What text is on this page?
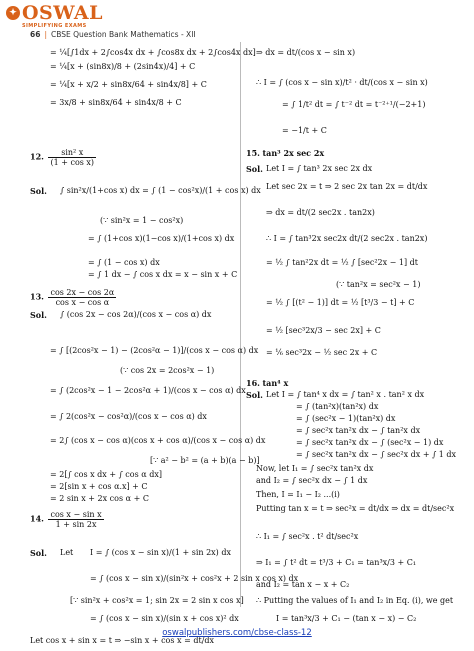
✦ OSWAL
SIMPLIFYING EXAMS
66 | CBSE Question Bank Mathematics - XII
= ¼[∫1dx + 2∫cos4x dx + ∫cos8x dx + 2∫cos4x dx]
= ¼[x + (sin8x)/8 + (2sin4x)/4] + C
= ¼[x + x/2 + sin8x/64 + sin4x/8] + C
= 3x/8 + sin8x/64 + sin4x/8 + C
12. $\frac{\text{sin² x}}{\text{(1 + cos x)}}$
Sol. ∫ sin²x/(1+cos x) dx = ∫ (1 − cos²x)/(1 + cos x) dx
(∵ sin²x = 1 − cos²x)
= ∫ (1+cos x)(1−cos x)/(1+cos x) dx
= ∫ (1 − cos x) dx
= ∫ 1 dx − ∫ cos x dx = x − sin x + C
13. $\frac{\cos 2x - \cos 2\alpha}{\text{cos x − cos α}}$
Sol. ∫ (cos 2x − cos 2α)/(cos x − cos α) dx
= ∫ [(2cos²x − 1) − (2cos²α − 1)]/(cos x − cos α) dx
(∵ cos 2x = 2cos²x − 1)
= ∫ (2cos²x − 1 − 2cos²α + 1)/(cos x − cos α) dx
= ∫ 2(cos²x − cos²α)/(cos x − cos α) dx
= 2∫ (cos x − cos α)(cos x + cos α)/(cos x − cos α) dx
[∵ a² − b² = (a + b)(a − b)]
= 2[∫ cos x dx + ∫ cos α dx]
= 2[sin x + cos α.x] + C
= 2 sin x + 2x cos α + C
14. $\frac{\text{cos x − sin x}}{1 + \sin 2x}$
Sol. Let I = ∫ (cos x − sin x)/(1 + sin 2x) dx
= ∫ (cos x − sin x)/(sin²x + cos²x + 2 sin x cos x) dx
[∵ sin²x + cos²x = 1; sin 2x = 2 sin x cos x]
= ∫ (cos x − sin x)/(sin x + cos x)² dx
Let cos x + sin x = t ⇒ −sin x + cos x = dt/dx
⇒ dx = dt/(cos x − sin x)
∴ I = ∫ (cos x − sin x)/t² · dt/(cos x − sin x)
= ∫ 1/t² dt = ∫ t⁻² dt = t⁻²⁺¹/(−2+1)
= −1/t + C
15. tan³ 2x sec 2x
Sol. Let I = ∫ tan³ 2x sec 2x dx
Let sec 2x = t ⇒ 2 sec 2x tan 2x = dt/dx
⇒ dx = dt/(2 sec2x . tan2x)
∴ I = ∫ tan³2x sec2x dt/(2 sec2x . tan2x)
= ½ ∫ tan²2x dt = ½ ∫ [sec²2x − 1] dt
(∵ tan²x = sec²x − 1)
= ½ ∫ [(t² − 1)] dt = ½ [t³/3 − t] + C
= ½ [sec³2x/3 − sec 2x] + C
= ⅙ sec³2x − ½ sec 2x + C
16. tan⁴ x
Sol. Let I = ∫ tan⁴ x dx = ∫ tan² x . tan² x dx
= ∫ (tan²x)(tan²x) dx
= ∫ (sec²x − 1)(tan²x) dx
= ∫ sec²x tan²x dx − ∫ tan²x dx
= ∫ sec²x tan²x dx − ∫ (sec²x − 1) dx
= ∫ sec²x tan²x dx − ∫ sec²x dx + ∫ 1 dx
Now, let I₁ = ∫ sec²x tan²x dx
and I₂ = ∫ sec²x dx − ∫ 1 dx
Then, I = I₁ − I₂ ...(i)
Putting tan x = t ⇒ sec²x = dt/dx ⇒ dx = dt/sec²x
∴ I₁ = ∫ sec²x . t² dt/sec²x
⇒ I₁ = ∫ t² dt = t³/3 + C₁ = tan³x/3 + C₁
and I₂ = tan x − x + C₂
∴ Putting the values of I₁ and I₂ in Eq. (i), we get
I = tan³x/3 + C₁ − (tan x − x) − C₂
oswalpublishers.com/cbse-class-12
